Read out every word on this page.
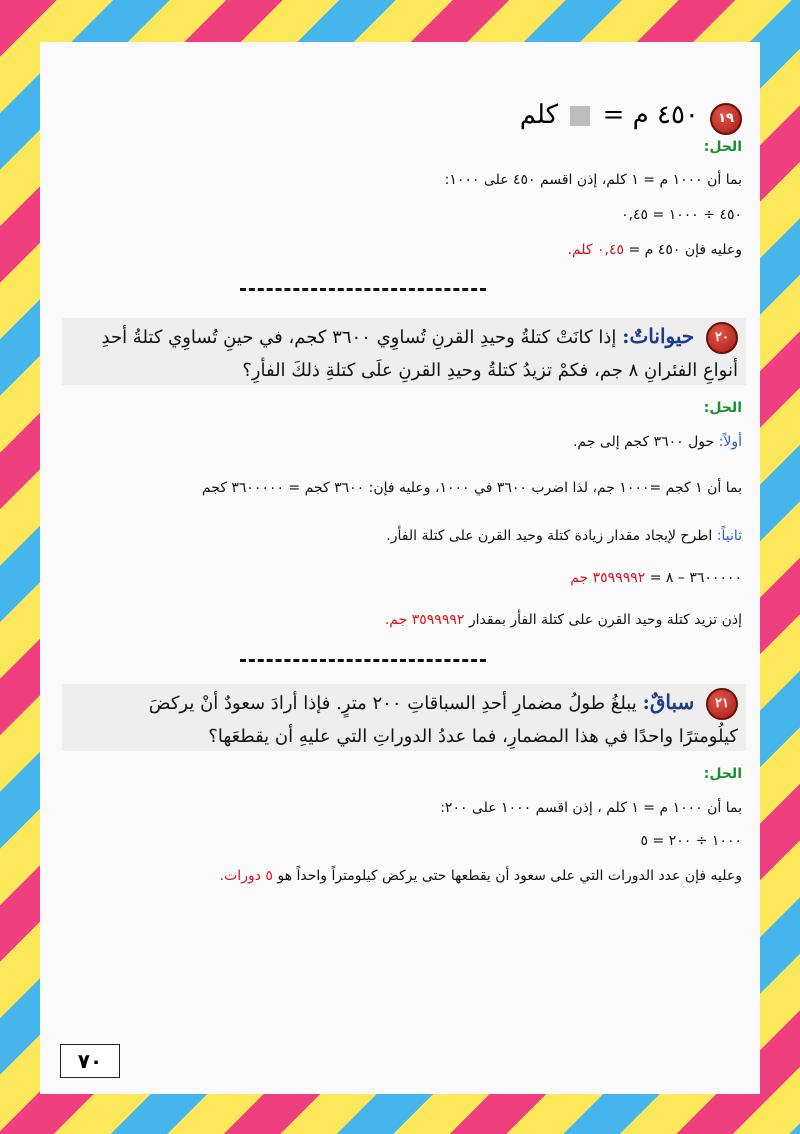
١٩ ٤٥٠ م =  كلم
الحل:
بما أن ١٠٠٠ م = ١ كلم، إذن اقسم ٤٥٠ على ١٠٠٠:
٤٥٠ ÷ ١٠٠٠ = ٠,٤٥
وعليه فإن ٤٥٠ م = ٠,٤٥ كلم.
٢٠ حيواناتٌ: إذا كانَتْ كتلةُ وحيدِ القرنِ تُساوِي ٣٦٠٠ كجم، في حينِ تُساوِي كتلةُ أحدِ
أنواعِ الفئرانِ ٨ جم، فكمْ تزيدُ كتلةُ وحيدِ القرنِ علَى كتلةِ ذلكَ الفأرِ؟
الحل:
أولاً: حول ٣٦٠٠ كجم إلى جم.
بما أن ١ كجم =١٠٠٠ جم، لذا اضرب ٣٦٠٠ في ١٠٠٠، وعليه فإن: ٣٦٠٠ كجم = ٣٦٠٠٠٠٠ كجم
ثانياً: اطرح لإيجاد مقدار زيادة كتلة وحيد القرن على كتلة الفأر.
٣٦٠٠٠٠٠ – ٨ = ٣٥٩٩٩٩٢ جم
إذن تزيد كتلة وحيد القرن على كتلة الفأر بمقدار ٣٥٩٩٩٩٢ جم.
٢١ سباقٌ: يبلغُ طولُ مضمارِ أحدِ السباقاتِ ٢٠٠ مترٍ. فإذا أرادَ سعودٌ أنْ يركضَ
كيلُومترًا واحدًا في هذا المضمارِ، فما عددُ الدوراتِ التي عليهِ أن يقطعَها؟
الحل:
بما أن ١٠٠٠ م = ١ كلم ، إذن اقسم ١٠٠٠ على ٢٠٠:
١٠٠٠ ÷ ٢٠٠ = ٥
وعليه فإن عدد الدورات التي على سعود أن يقطعها حتى يركض كيلومتراً واحداً هو ٥ دورات.
٧٠
